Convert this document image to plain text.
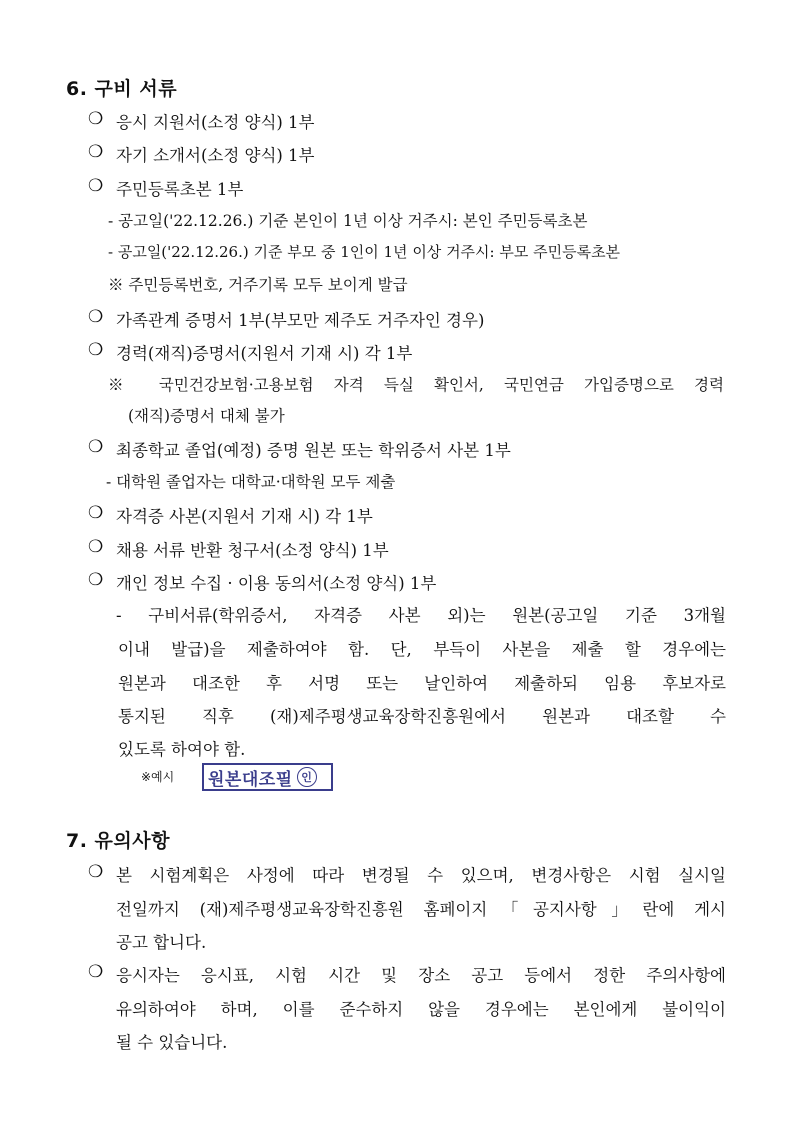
6. 구비 서류
❍ 응시 지원서(소정 양식) 1부
❍ 자기 소개서(소정 양식) 1부
❍ 주민등록초본 1부
- 공고일('22.12.26.) 기준 본인이 1년 이상 거주시: 본인 주민등록초본
- 공고일('22.12.26.) 기준 부모 중 1인이 1년 이상 거주시: 부모 주민등록초본
※ 주민등록번호, 거주기록 모두 보이게 발급
❍ 가족관계 증명서 1부(부모만 제주도 거주자인 경우)
❍ 경력(재직)증명서(지원서 기재 시) 각 1부
※ 국민건강보험·고용보험 자격 득실 확인서, 국민연금 가입증명으로 경력
(재직)증명서 대체 불가
❍ 최종학교 졸업(예정) 증명 원본 또는 학위증서 사본 1부
- 대학원 졸업자는 대학교·대학원 모두 제출
❍ 자격증 사본(지원서 기재 시) 각 1부
❍ 채용 서류 반환 청구서(소정 양식) 1부
❍ 개인 정보 수집 · 이용 동의서(소정 양식) 1부
- 구비서류(학위증서, 자격증 사본 외)는 원본(공고일 기준 3개월
이내 발급)을 제출하여야 함. 단, 부득이 사본을 제출 할 경우에는
원본과 대조한 후 서명 또는 날인하여 제출하되 임용 후보자로
통지된 직후 (재)제주평생교육장학진흥원에서 원본과 대조할 수
있도록 하여야 함.
※예시 원본대조필 인
7. 유의사항
❍ 본 시험계획은 사정에 따라 변경될 수 있으며, 변경사항은 시험 실시일
전일까지 (재)제주평생교육장학진흥원 홈페이지「공지사항」란에 게시
공고 합니다.
❍ 응시자는 응시표, 시험 시간 및 장소 공고 등에서 정한 주의사항에
유의하여야 하며, 이를 준수하지 않을 경우에는 본인에게 불이익이
될 수 있습니다.
